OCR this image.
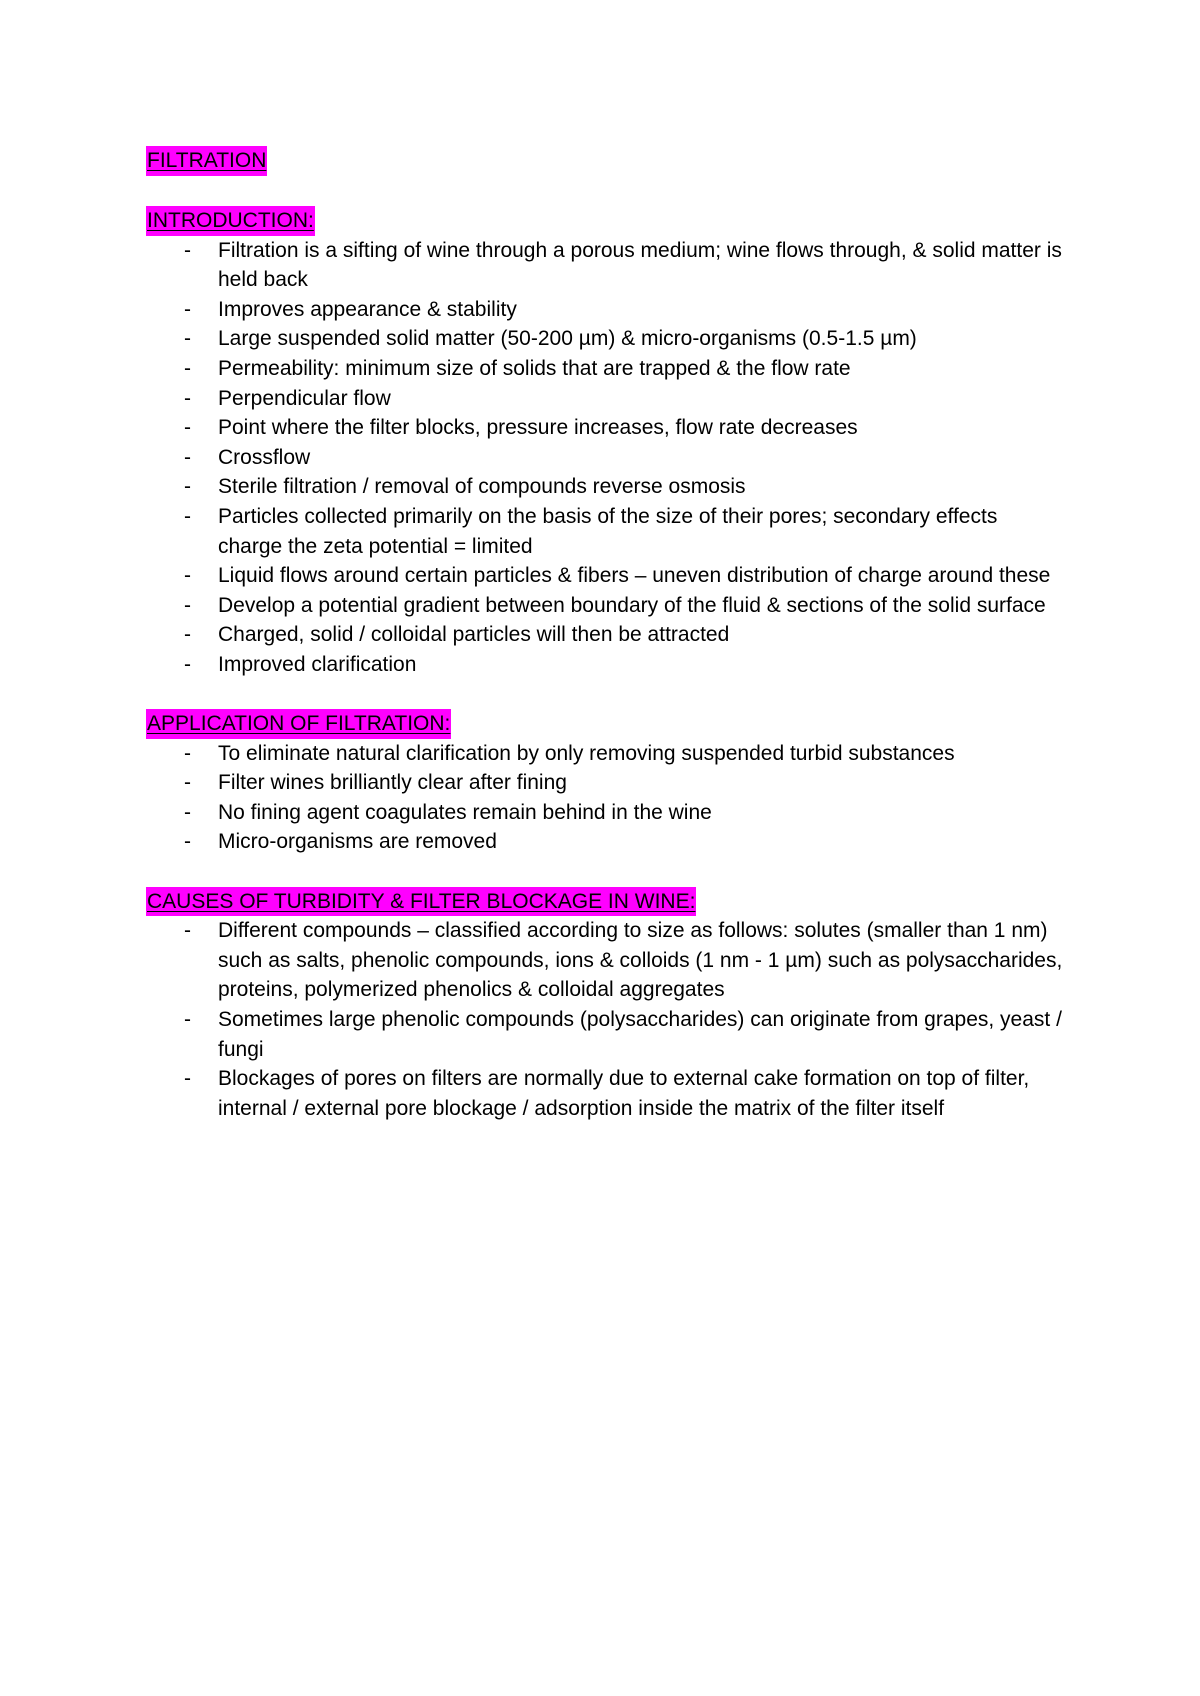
FILTRATION
INTRODUCTION:
- Filtration is a sifting of wine through a porous medium; wine flows through, & solid matter is held back
- Improves appearance & stability
- Large suspended solid matter (50-200 µm) & micro-organisms (0.5-1.5 µm)
- Permeability: minimum size of solids that are trapped & the flow rate
- Perpendicular flow
- Point where the filter blocks, pressure increases, flow rate decreases
- Crossflow
- Sterile filtration / removal of compounds reverse osmosis
- Particles collected primarily on the basis of the size of their pores; secondary effects charge the zeta potential = limited
- Liquid flows around certain particles & fibers – uneven distribution of charge around these
- Develop a potential gradient between boundary of the fluid & sections of the solid surface
- Charged, solid / colloidal particles will then be attracted
- Improved clarification
APPLICATION OF FILTRATION:
- To eliminate natural clarification by only removing suspended turbid substances
- Filter wines brilliantly clear after fining
- No fining agent coagulates remain behind in the wine
- Micro-organisms are removed
CAUSES OF TURBIDITY & FILTER BLOCKAGE IN WINE:
- Different compounds – classified according to size as follows: solutes (smaller than 1 nm) such as salts, phenolic compounds, ions & colloids (1 nm - 1 µm) such as polysaccharides, proteins, polymerized phenolics & colloidal aggregates
- Sometimes large phenolic compounds (polysaccharides) can originate from grapes, yeast / fungi
- Blockages of pores on filters are normally due to external cake formation on top of filter, internal / external pore blockage / adsorption inside the matrix of the filter itself
